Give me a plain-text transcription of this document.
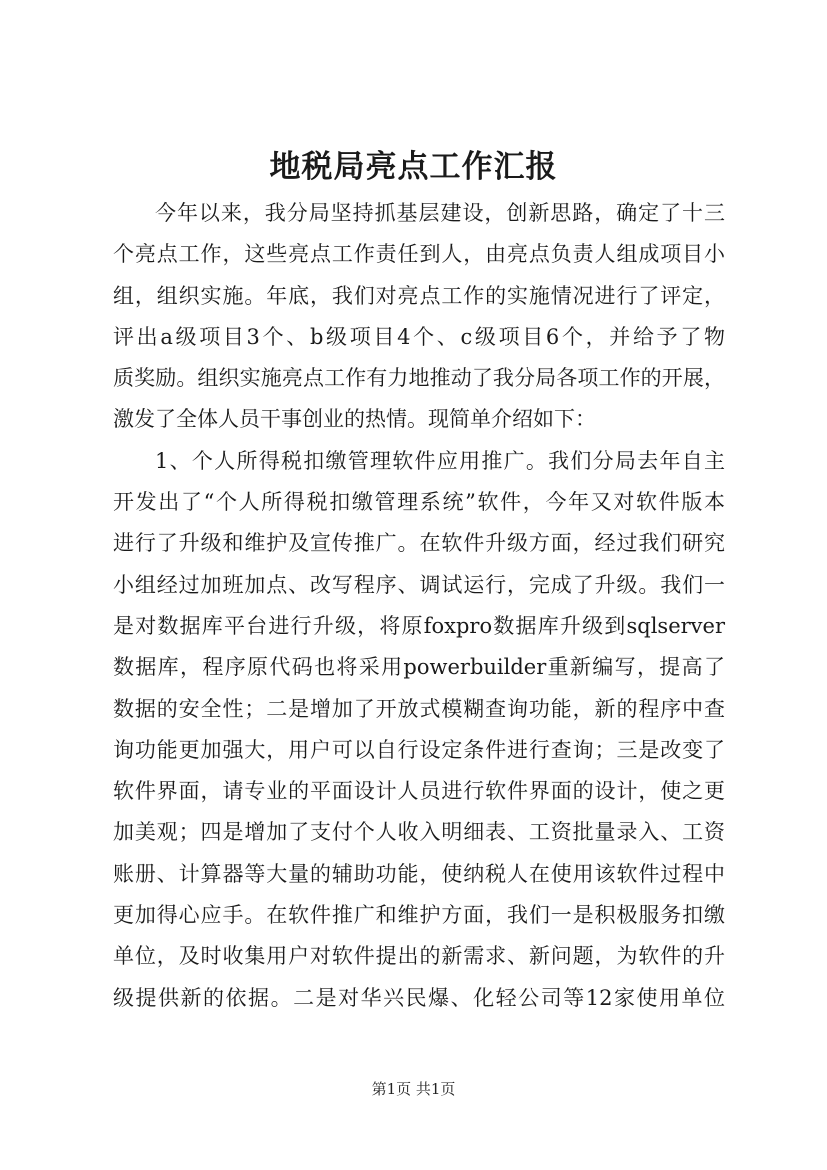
地税局亮点工作汇报
今年以来，我分局坚持抓基层建设，创新思路，确定了十三
个亮点工作，这些亮点工作责任到人，由亮点负责人组成项目小
组，组织实施。年底，我们对亮点工作的实施情况进行了评定，
评出a级项目3个、b级项目4个、c级项目6个，并给予了物
质奖励。组织实施亮点工作有力地推动了我分局各项工作的开展，
激发了全体人员干事创业的热情。现简单介绍如下：
1、个人所得税扣缴管理软件应用推广。我们分局去年自主
开发出了“个人所得税扣缴管理系统”软件，今年又对软件版本
进行了升级和维护及宣传推广。在软件升级方面，经过我们研究
小组经过加班加点、改写程序、调试运行，完成了升级。我们一
是对数据库平台进行升级，将原foxpro数据库升级到sqlserver
数据库，程序原代码也将采用powerbuilder重新编写，提高了
数据的安全性；二是增加了开放式模糊查询功能，新的程序中查
询功能更加强大，用户可以自行设定条件进行查询；三是改变了
软件界面，请专业的平面设计人员进行软件界面的设计，使之更
加美观；四是增加了支付个人收入明细表、工资批量录入、工资
账册、计算器等大量的辅助功能，使纳税人在使用该软件过程中
更加得心应手。在软件推广和维护方面，我们一是积极服务扣缴
单位，及时收集用户对软件提出的新需求、新问题，为软件的升
级提供新的依据。二是对华兴民爆、化轻公司等12家使用单位
第1页 共1页
